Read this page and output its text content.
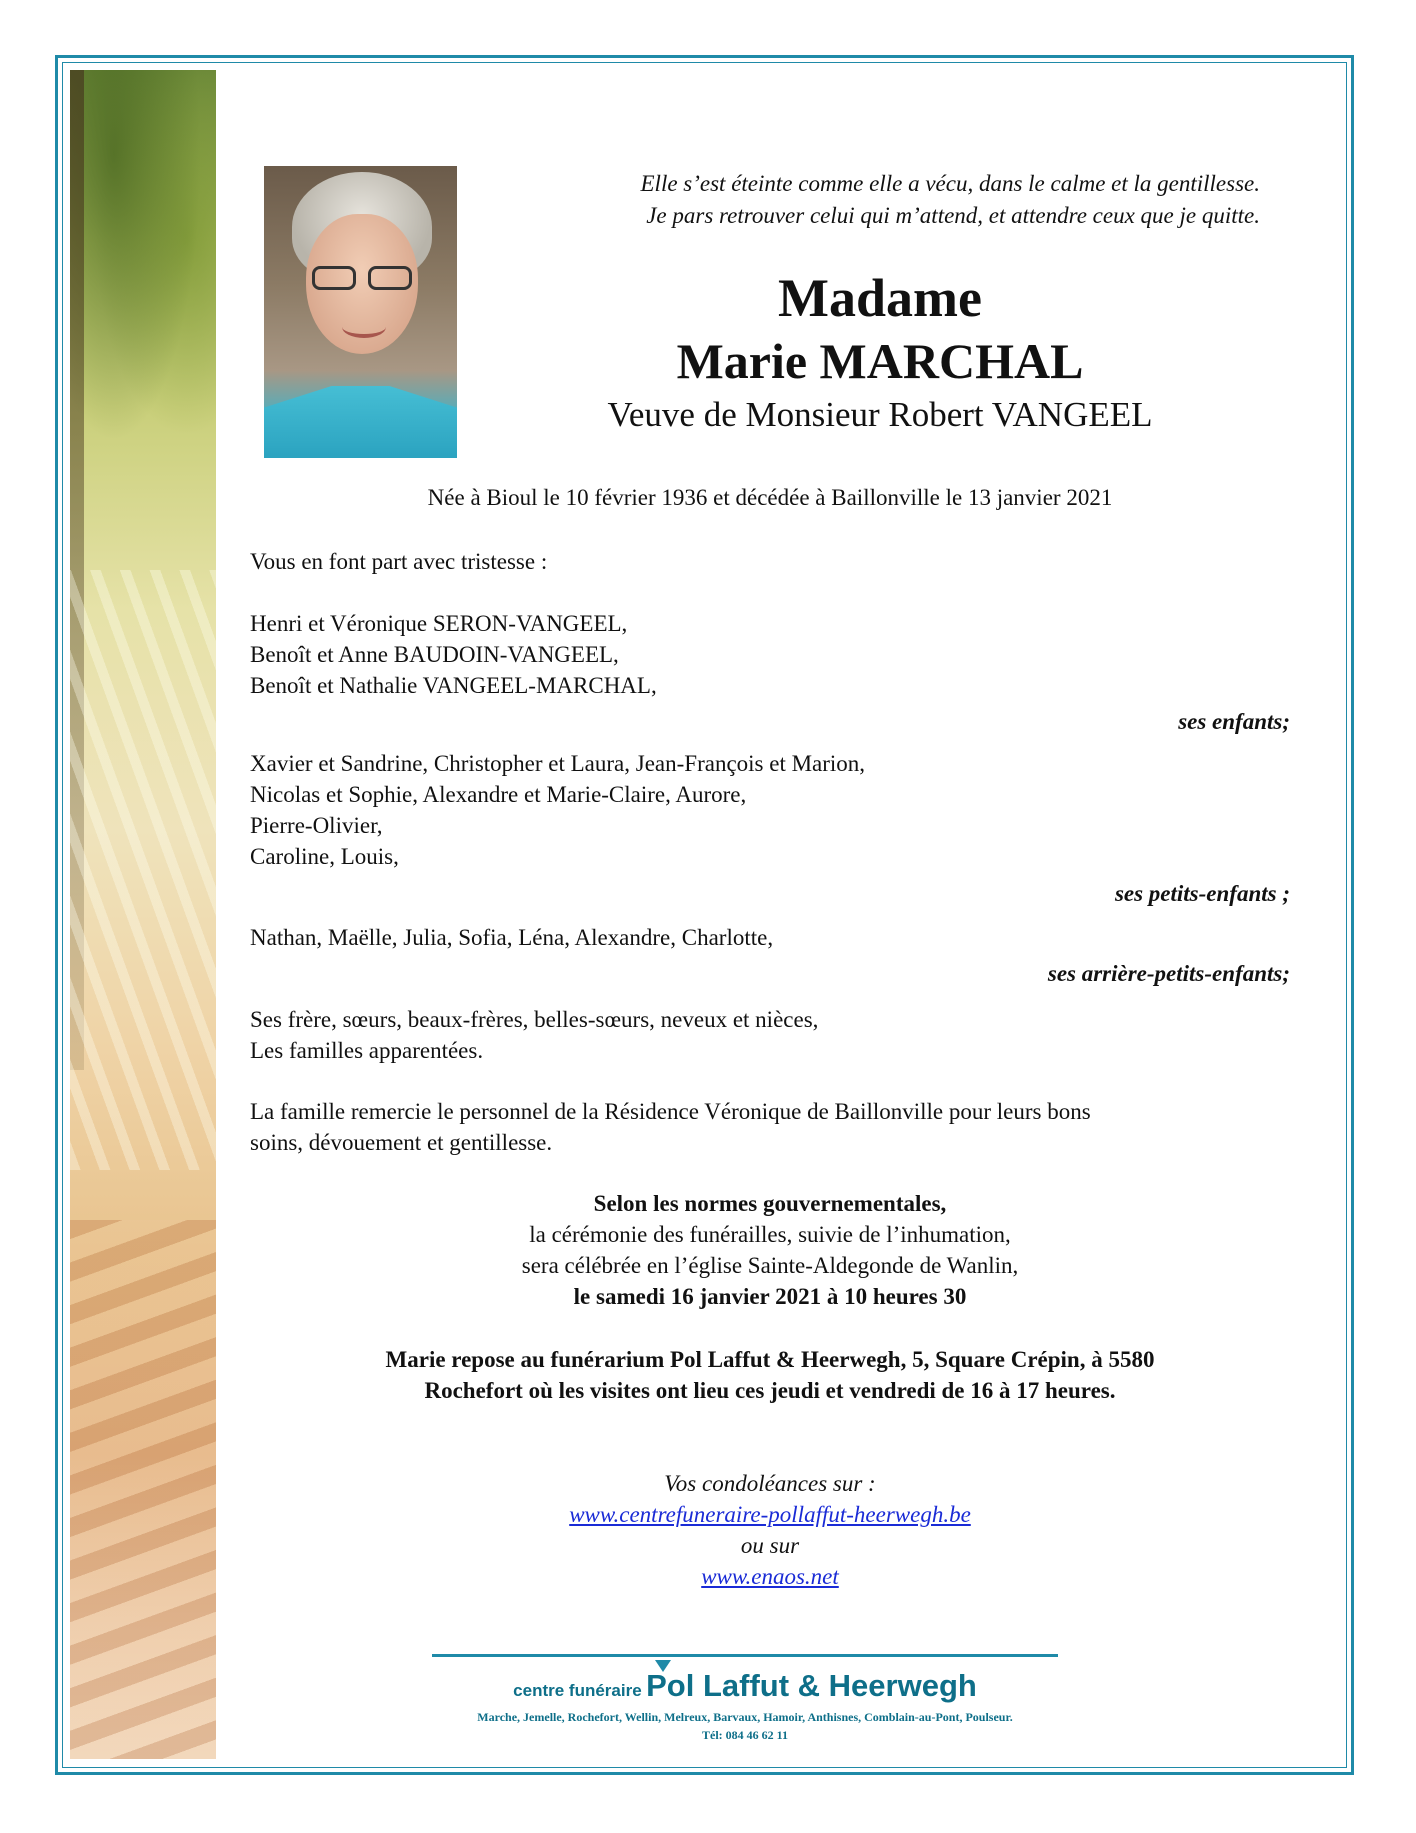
Elle s’est éteinte comme elle a vécu, dans le calme et la gentillesse.
Je pars retrouver celui qui m’attend, et attendre ceux que je quitte.
Madame
Marie MARCHAL
Veuve de Monsieur Robert VANGEEL
Née à Bioul le 10 février 1936 et décédée à Baillonville le 13 janvier 2021
Vous en font part avec tristesse :
Henri et Véronique SERON-VANGEEL,
Benoît et Anne BAUDOIN-VANGEEL,
Benoît et Nathalie VANGEEL-MARCHAL,
ses enfants;
Xavier et Sandrine, Christopher et Laura, Jean-François et Marion,
Nicolas et Sophie, Alexandre et Marie-Claire, Aurore,
Pierre-Olivier,
Caroline, Louis,
ses petits-enfants ;
Nathan, Maëlle, Julia, Sofia, Léna, Alexandre, Charlotte,
ses arrière-petits-enfants;
Ses frère, sœurs, beaux-frères, belles-sœurs, neveux et nièces,
Les familles apparentées.
La famille remercie le personnel de la Résidence Véronique de Baillonville pour leurs bons
soins, dévouement et gentillesse.
Selon les normes gouvernementales,
la cérémonie des funérailles, suivie de l’inhumation,
sera célébrée en l’église Sainte-Aldegonde de Wanlin,
le samedi 16 janvier 2021 à 10 heures 30
Marie repose au funérarium Pol Laffut & Heerwegh, 5, Square Crépin, à 5580
Rochefort où les visites ont lieu ces jeudi et vendredi de 16 à 17 heures.
Vos condoléances sur :
www.centrefuneraire-pollaffut-heerwegh.be
ou sur
www.enaos.net
centre funéraire Pol Laffut & Heerwegh
Marche, Jemelle, Rochefort, Wellin, Melreux, Barvaux, Hamoir, Anthisnes, Comblain-au-Pont, Poulseur.
Tél: 084 46 62 11
